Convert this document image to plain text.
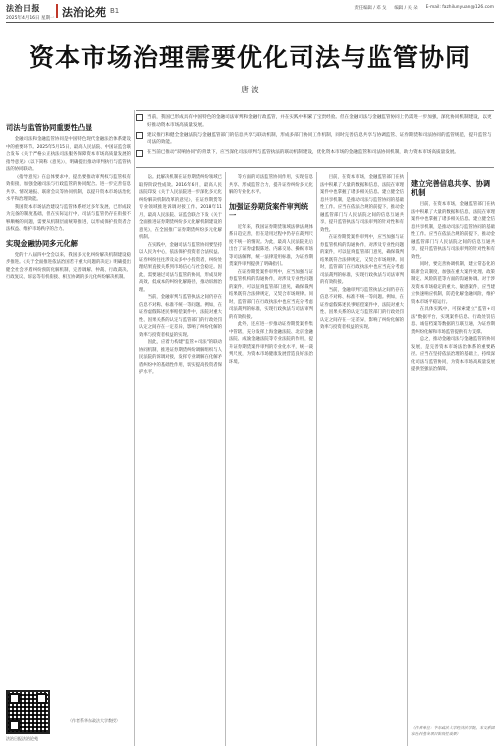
法治日报
2025年4月16日 星期一 法治论苑 B1	责任编辑 / 邓 戈 编辑 / 关 朵 E-mail: fazhilunyuan@126.com
资本市场治理需要优化司法与监管协同
唐 波
当前，我国已形成具有中国特色的金融司法审判和金融行政监管，并在实践中积累了宝贵经验。但在金融司法与金融监管协同上仍需进一步加强，深化协同机制建设，以更好推动资本市场高质量发展。
建议推行和健全金融法院与金融监管部门的信息共享与联动机制，形成多部门协同工作机制，同时完善信息共享与协调监管、证券期货和司法协同的监管规范，提升监管与司法的效能。
在当前已推动"双响协同"的背景下，应当深化司法审判与监管执法的联动机制建设，优化资本市场的金融监管和司法协同机制，助力资本市场高质量发展。
司法与监管协同重要性凸显

金融司法和金融监管协同是中国特色现代金融法治体系建设中的重要环节。2025年5月15日，最高人民法院、中国证监会联合发布《关于严格公正执法司法服务保障资本市场高质量发展的指导意见》（以下简称《意见》），明确提出推动审判执行与监管执法的协同联动。

《指导意见》在总体要求中，提出要推动审判权与监管权有效衔接，加强金融司法与行政监管的协同配合。进一步完善信息共享、情况通报、联席会议等协同机制，以提升资本市场法治化水平和治理效能。

我国资本市场法治建设与监管体系经过多年发展，已形成较为完备的制度基础，但在实际运行中，司法与监管仍存在衔接不够顺畅的问题，需要从机制层面统筹推进，以形成保护投资者合法权益、维护市场秩序的合力。

实现金融协同多元化解

党的十八届四中全会以来，我国多元化纠纷解决机制建设稳步推进。《关于全面推进依法治国若干重大问题的决定》明确提出健全社会矛盾纠纷预防化解机制，完善调解、仲裁、行政裁决、行政复议、诉讼等有机衔接、相互协调的多元化纠纷解决机制。

法治日报法治论苑
（作者系华东政法大学教授）

讼。此解决机制在证券期货纠纷领域已取得阶段性成效。2016年6月，最高人民法院印发《关于人民法院进一步深化多元化纠纷解决机制改革的意见》，在证券期货等专业领域推进诉调对接工作。2018年11月，最高人民法院、证监会联合下发《关于全面推进证券期货纠纷多元化解机制建设的意见》，在全国推广证券期货纠纷多元化解机制。

在实践中，金融司法与监管协同要坚持以人民为中心，依法保护投资者合法权益。证券纠纷往往涉及众多中小投资者，纠纷处理结果直接关系到市场信心与社会稳定。因此，需要通过司法与监管的协同，形成及时高效、低成本的纠纷化解路径，推动诉源治理。

当前，金融审判与监管执法之间仍存在信息不对称、标准不统一等问题。例如，在证券虚假陈述民事赔偿案件中，法院对重大性、因果关系的认定与监管部门的行政处罚认定之间存在一定差异，影响了纠纷化解的效率与投资者权益的实现。

因此，应着力构建"监管+司法"的联动协同机制，推进证券期货纠纷调解组织与人民法院的诉调对接，发挥专业调解在化解矛盾纠纷中的基础性作用，切实提高投资者保护水平。

等方面的司法监管协同作用，实现信息共享、形成监管合力，提升证券纠纷多元化解的专业化水平。

加强证券期货案件审判统一

近年来，我国证券期货领域法律法规体系日趋完善，但在适用过程中仍存在裁判尺度不统一的情况。为此，最高人民法院先后出台了证券虚假陈述、内幕交易、操纵市场等司法解释，统一法律适用标准，为证券期货案件审判提供了明确指引。

在证券期货案件审判中，应当加强与证券监管机构的沟通协作，对涉及专业性问题的案件，可以征询监管部门意见，确保裁判结果既符合法律规定，又契合市场规律。同时，监管部门在行政执法中也应当充分考虑司法裁判的标准，实现行政执法与司法审判的有效衔接。

此外，还应进一步推动证券期货案件集中管辖，充分发挥上海金融法院、北京金融法院、成渝金融法院等专业法院的作用，提升证券期货案件审判的专业化水平，统一裁判尺度，为资本市场健康发展营造良好法治环境。

建立完善信息共享、协调机制

目前，在资本市场，金融监管部门在执法中积累了大量的数据和信息，法院在审理案件中也掌握了诸多相关信息。建立健全信息共享机制，是推动司法与监管协同的基础性工作。应当在依法合规的前提下，推动金融监管部门与人民法院之间的信息互通共享，提升监管执法与司法审判的针对性和有效性。

同时，要完善协调机制，建立常态化的联席会议制度，加强在重大案件处理、政策制定、风险防范等方面的沟通协调。对于涉及资本市场稳定的重大、敏感案件，应当建立快速响应机制，防范化解金融风险，维护资本市场平稳运行。

在具体实践中，可探索建立"监管+司法"数据平台，实现案件信息、行政处罚信息、诚信档案等数据的互联互通，为证券期货纠纷化解和市场监管提供有力支撑。

总之，推动金融司法与金融监管的协同发展，是完善资本市场法治体系的重要路径。应当在坚持依法治理的基础上，持续深化司法与监管协同，为资本市场高质量发展提供坚强法治保障。

目前，在资本市场，金融监管部门在执法中积累了大量的数据和信息，法院在审理案件中也掌握了诸多相关信息。建立健全信息共享机制，是推动司法与监管协同的基础性工作。应当在依法合规的前提下，推动金融监管部门与人民法院之间的信息互通共享，提升监管执法与司法审判的针对性和有效性。

在证券期货案件审判中，应当加强与证券监管机构的沟通协作，对涉及专业性问题的案件，可以征询监管部门意见，确保裁判结果既符合法律规定，又契合市场规律。同时，监管部门在行政执法中也应当充分考虑司法裁判的标准，实现行政执法与司法审判的有效衔接。

当前，金融审判与监管执法之间仍存在信息不对称、标准不统一等问题。例如，在证券虚假陈述民事赔偿案件中，法院对重大性、因果关系的认定与监管部门的行政处罚认定之间存在一定差异，影响了纠纷化解的效率与投资者权益的实现。

（作者单位：华东政法大学经济法学院。本文系国家社科基金项目阶段性成果）
